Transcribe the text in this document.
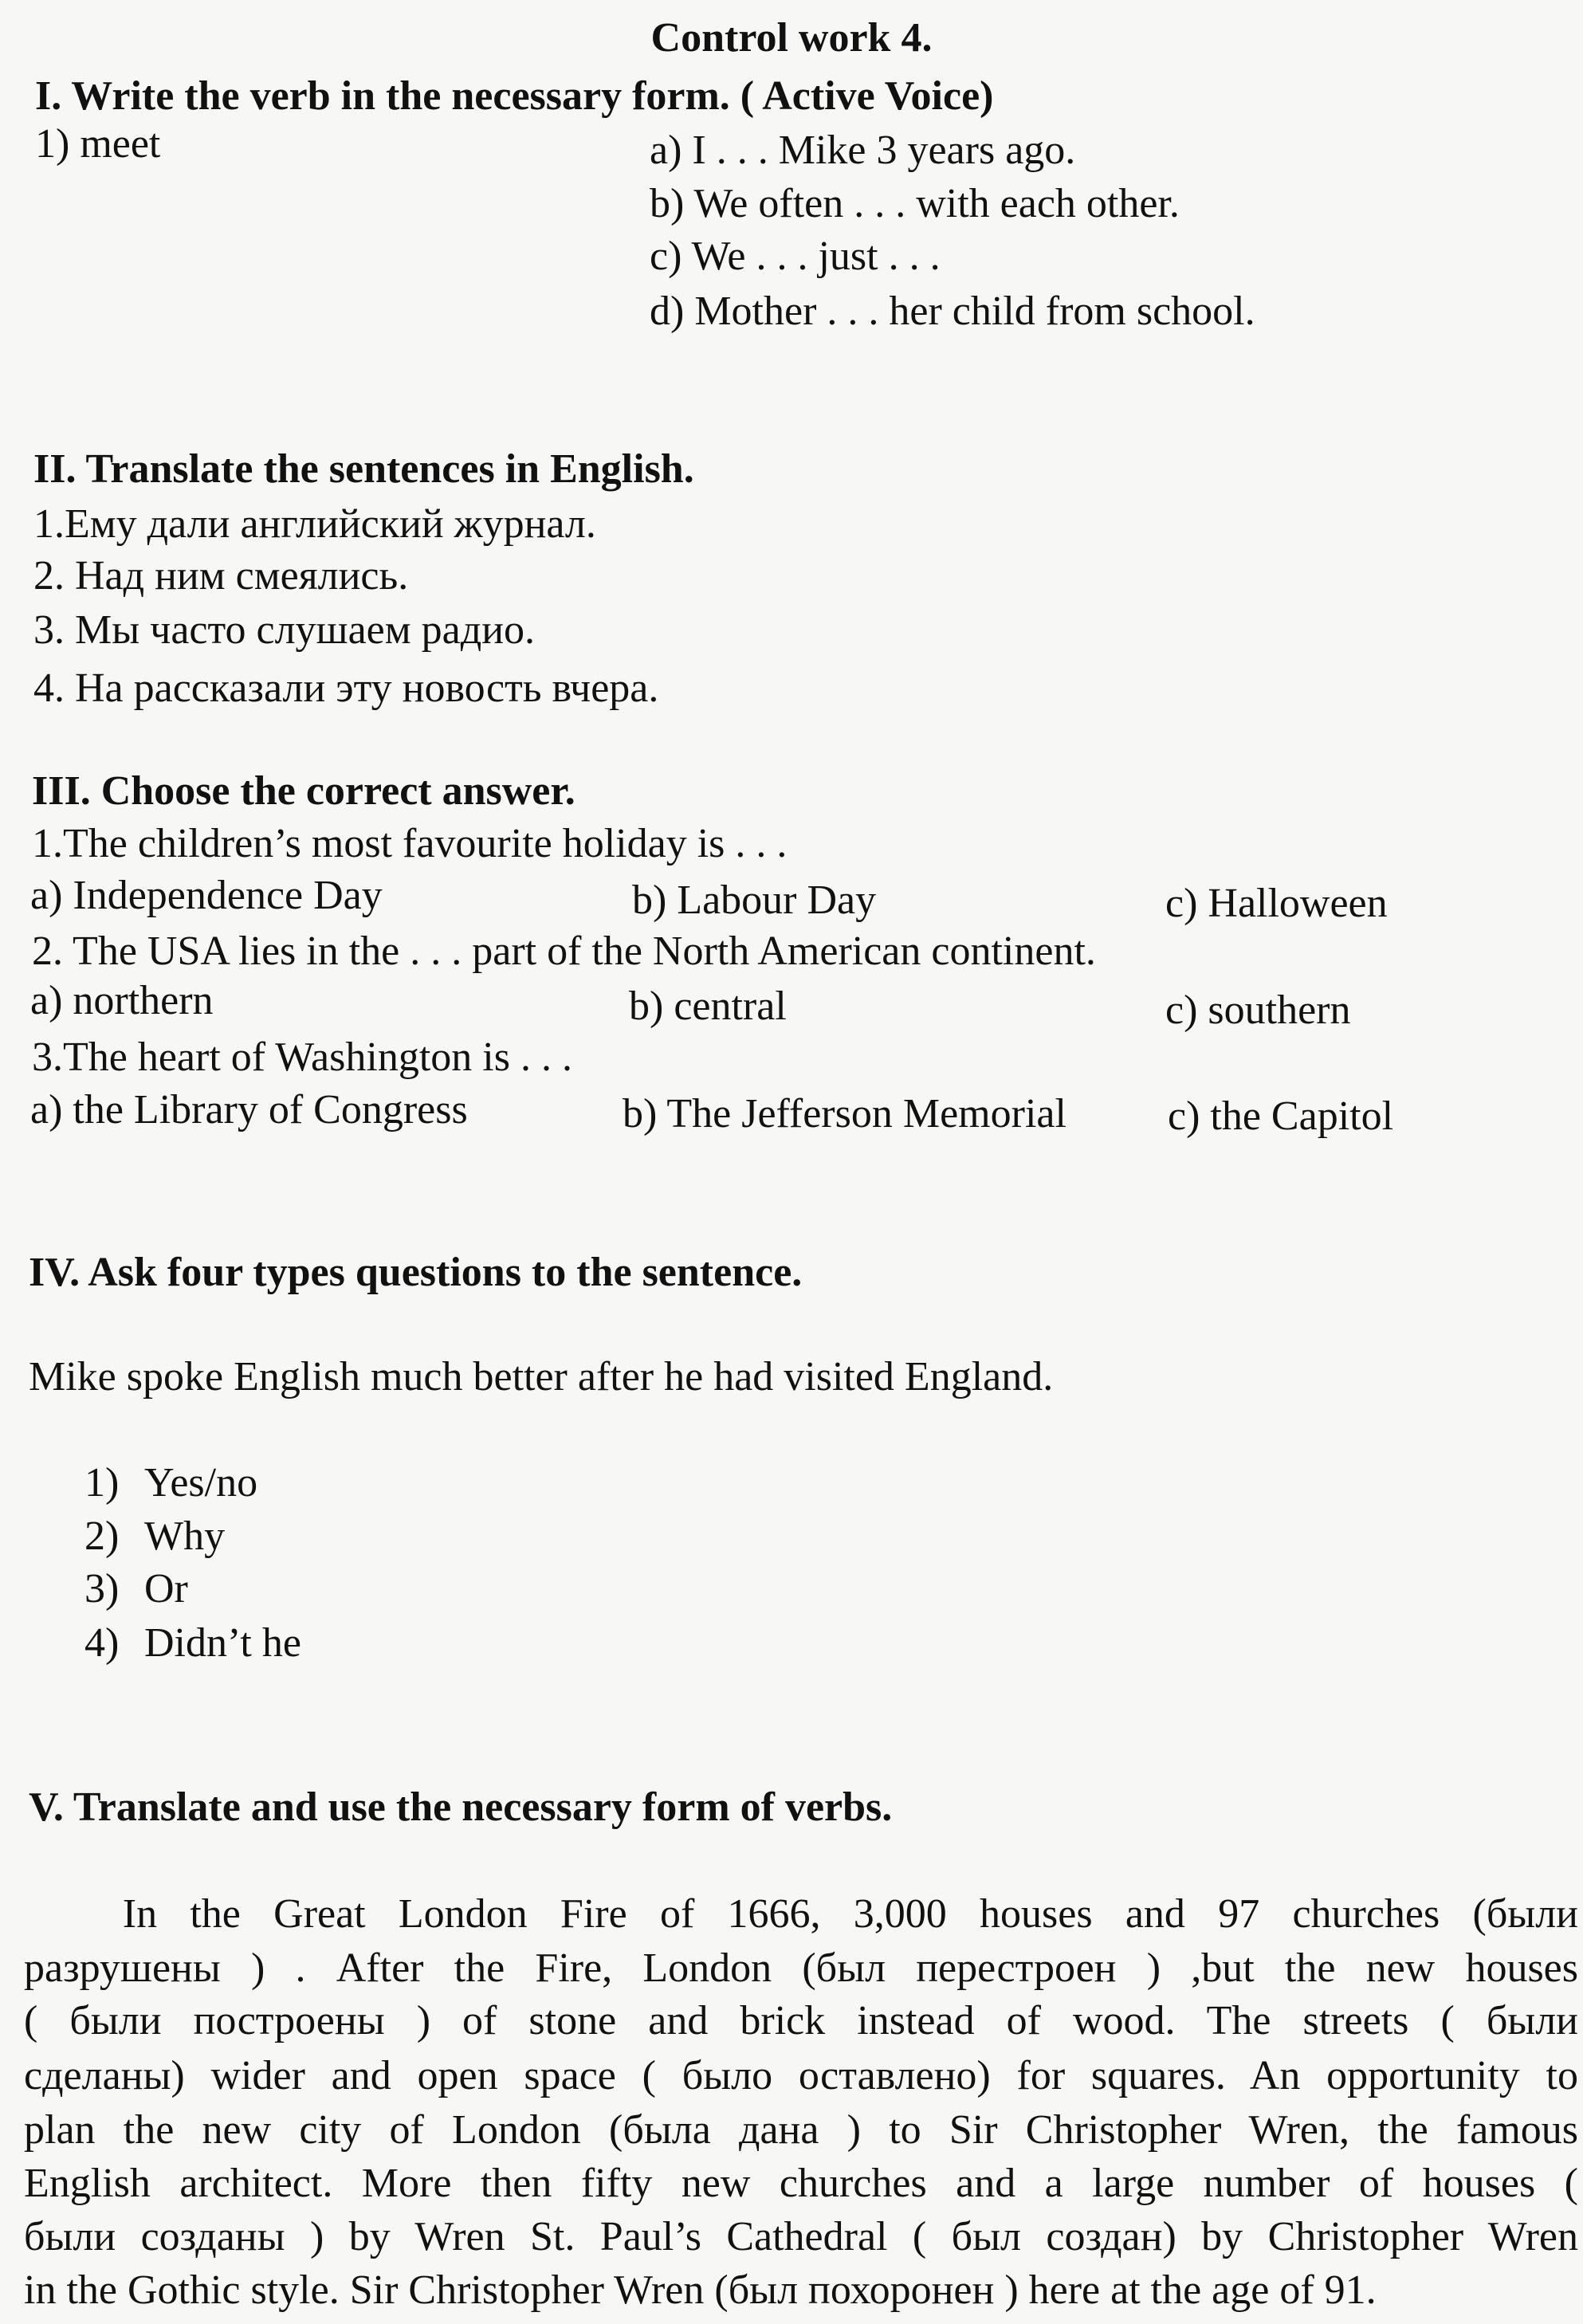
Control work 4.
I. Write the verb in the necessary form. ( Active Voice)
1) meet	a) I . . . Mike 3 years ago.
b) We often . . . with each other.
c) We . . . just . . .
d) Mother . . . her child from school.
II. Translate the sentences in English.
1.Ему дали английский журнал.
2. Над ним смеялись.
3. Мы часто слушаем радио.
4. На рассказали эту новость вчера.
III. Choose the correct answer.
1.The children’s most favourite holiday is . . .
a) Independence Day	b) Labour Day	c) Halloween
2. The USA lies in the . . . part of the North American continent.
a) northern	b) central	c) southern
3.The heart of Washington is . . .
a) the Library of Congress	b) The Jefferson Memorial c) the Capitol
IV. Ask four types questions to the sentence.
Mike spoke English much better after he had visited England.
1) Yes/no
2) Why
3) Or
4) Didn’t he
V. Translate and use the necessary form of verbs.
In the Great London Fire of 1666, 3,000 houses and 97 churches (были
разрушены ) . After the Fire, London (был перестроен ) ,but the new houses
( были построены ) of stone and brick instead of wood. The streets ( были
сделаны) wider and open space ( было оставлено) for squares. An opportunity to
plan the new city of London (была дана ) to Sir Christopher Wren, the famous
English architect. More then fifty new churches and a large number of houses (
были созданы ) by Wren St. Paul’s Cathedral ( был создан) by Christopher Wren
in the Gothic style. Sir Christopher Wren (был похоронен ) here at the age of 91.
